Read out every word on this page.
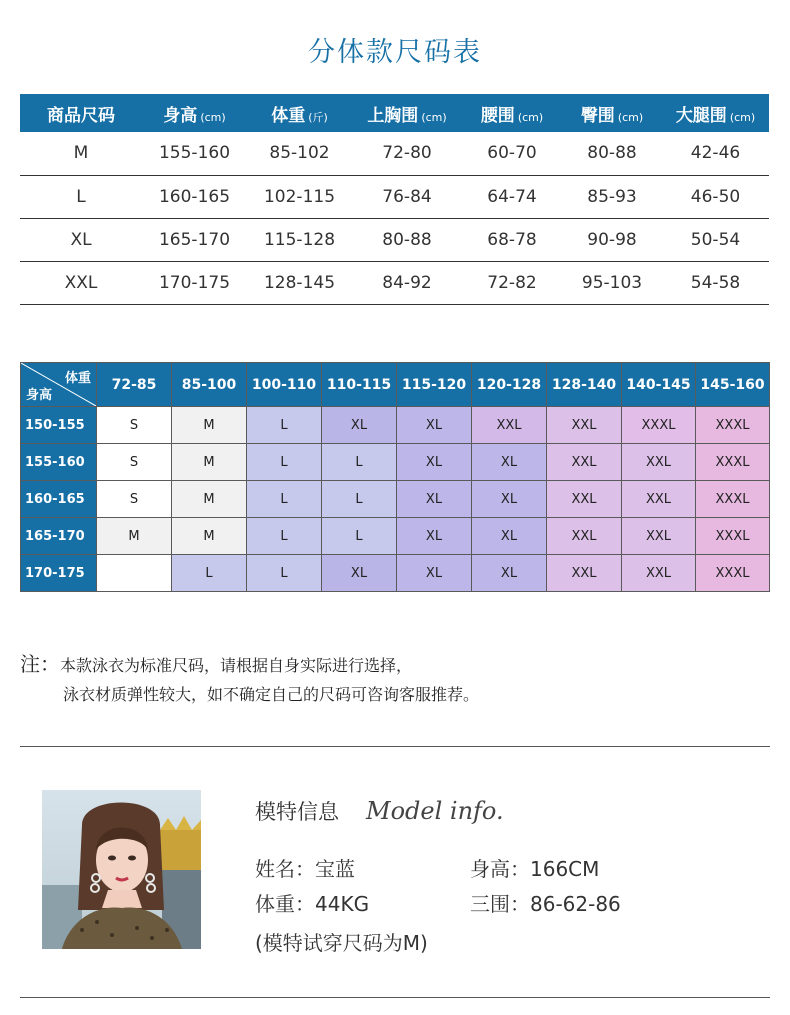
分体款尺码表
商品尺码	身高 (cm)	体重 (斤)	上胸围 (cm)	腰围 (cm)	臀围 (cm)	大腿围 (cm)
M	155-160	85-102	72-80	60-70	80-88	42-46
L	160-165	102-115	76-84	64-74	85-93	46-50
XL	165-170	115-128	80-88	68-78	90-98	50-54
XXL	170-175	128-145	84-92	72-82	95-103	54-58
体重
身高	72-85	85-100	100-110	110-115	115-120	120-128	128-140	140-145	145-160
150-155	S	M	L	XL	XL	XXL	XXL	XXXL	XXXL
155-160	S	M	L	L	XL	XL	XXL	XXL	XXXL
160-165	S	M	L	L	XL	XL	XXL	XXL	XXXL
165-170	M	M	L	L	XL	XL	XXL	XXL	XXXL
170-175		L	L	XL	XL	XL	XXL	XXL	XXXL
注：本款泳衣为标准尺码，请根据自身实际进行选择，
泳衣材质弹性较大，如不确定自己的尺码可咨询客服推荐。
模特信息 Model info.
姓名：宝蓝	身高：166CM
体重：44KG	三围：86-62-86
(模特试穿尺码为M)
